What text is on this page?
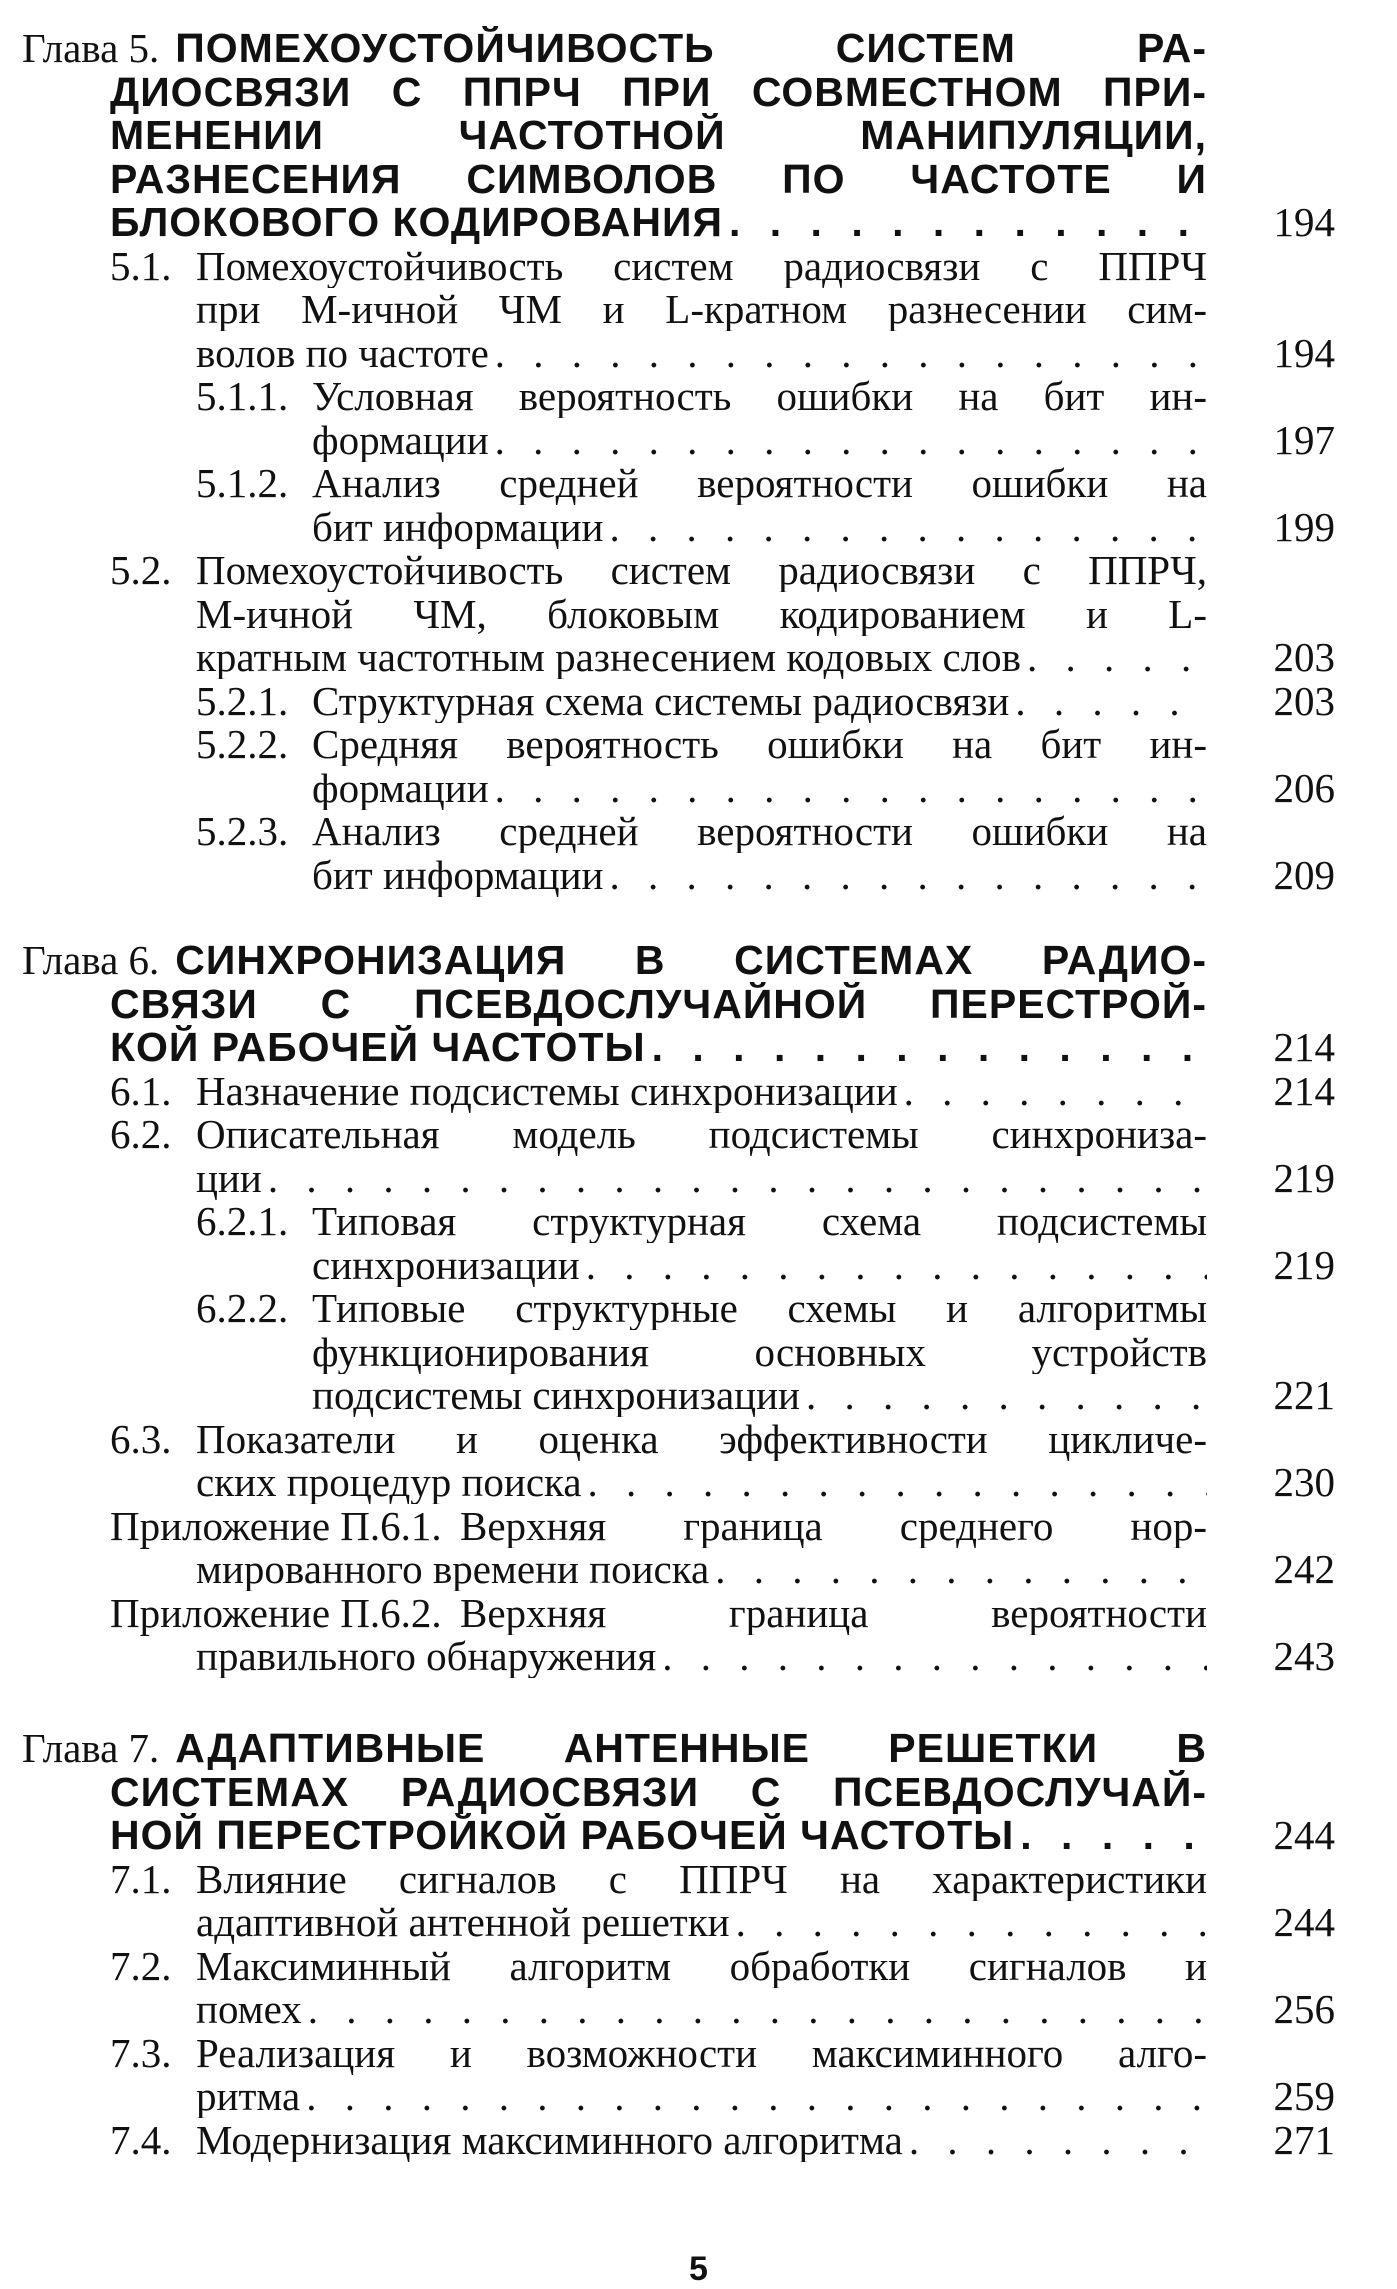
Глава 5. ПОМЕХОУСТОЙЧИВОСТЬ СИСТЕМ РА-
ДИОСВЯЗИ С ППРЧ ПРИ СОВМЕСТНОМ ПРИ-
МЕНЕНИИ ЧАСТОТНОЙ МАНИПУЛЯЦИИ,
РАЗНЕСЕНИЯ СИМВОЛОВ ПО ЧАСТОТЕ И
БЛОКОВОГО КОДИРОВАНИЯ . . .	194
5.1. Помехоустойчивость систем радиосвязи с ППРЧ
при М-ичной ЧМ и L-кратном разнесении сим-
волов по частоте . . .	194
5.1.1. Условная вероятность ошибки на бит ин-
формации . . .	197
5.1.2. Анализ средней вероятности ошибки на
бит информации . . .	199
5.2. Помехоустойчивость систем радиосвязи с ППРЧ,
М-ичной ЧМ, блоковым кодированием и L-
кратным частотным разнесением кодовых слов . . .	203
5.2.1. Структурная схема системы радиосвязи . . .	203
5.2.2. Средняя вероятность ошибки на бит ин-
формации . . .	206
5.2.3. Анализ средней вероятности ошибки на
бит информации . . .	209
Глава 6. СИНХРОНИЗАЦИЯ В СИСТЕМАХ РАДИО-
СВЯЗИ С ПСЕВДОСЛУЧАЙНОЙ ПЕРЕСТРОЙ-
КОЙ РАБОЧЕЙ ЧАСТОТЫ . . .	214
6.1. Назначение подсистемы синхронизации . . .	214
6.2. Описательная модель подсистемы синхрониза-
ции . . .	219
6.2.1. Типовая структурная схема подсистемы
синхронизации . . .	219
6.2.2. Типовые структурные схемы и алгоритмы
функционирования основных устройств
подсистемы синхронизации . . .	221
6.3. Показатели и оценка эффективности цикличе-
ских процедур поиска . . .	230
Приложение П.6.1. Верхняя граница среднего нор-
мированного времени поиска . . .	242
Приложение П.6.2. Верхняя граница вероятности
правильного обнаружения . . .	243
Глава 7. АДАПТИВНЫЕ АНТЕННЫЕ РЕШЕТКИ В
СИСТЕМАХ РАДИОСВЯЗИ С ПСЕВДОСЛУЧАЙ-
НОЙ ПЕРЕСТРОЙКОЙ РАБОЧЕЙ ЧАСТОТЫ . . .	244
7.1. Влияние сигналов с ППРЧ на характеристики
адаптивной антенной решетки . . .	244
7.2. Максиминный алгоритм обработки сигналов и
помех . . .	256
7.3. Реализация и возможности максиминного алго-
ритма . . .	259
7.4. Модернизация максиминного алгоритма . . .	271
5
